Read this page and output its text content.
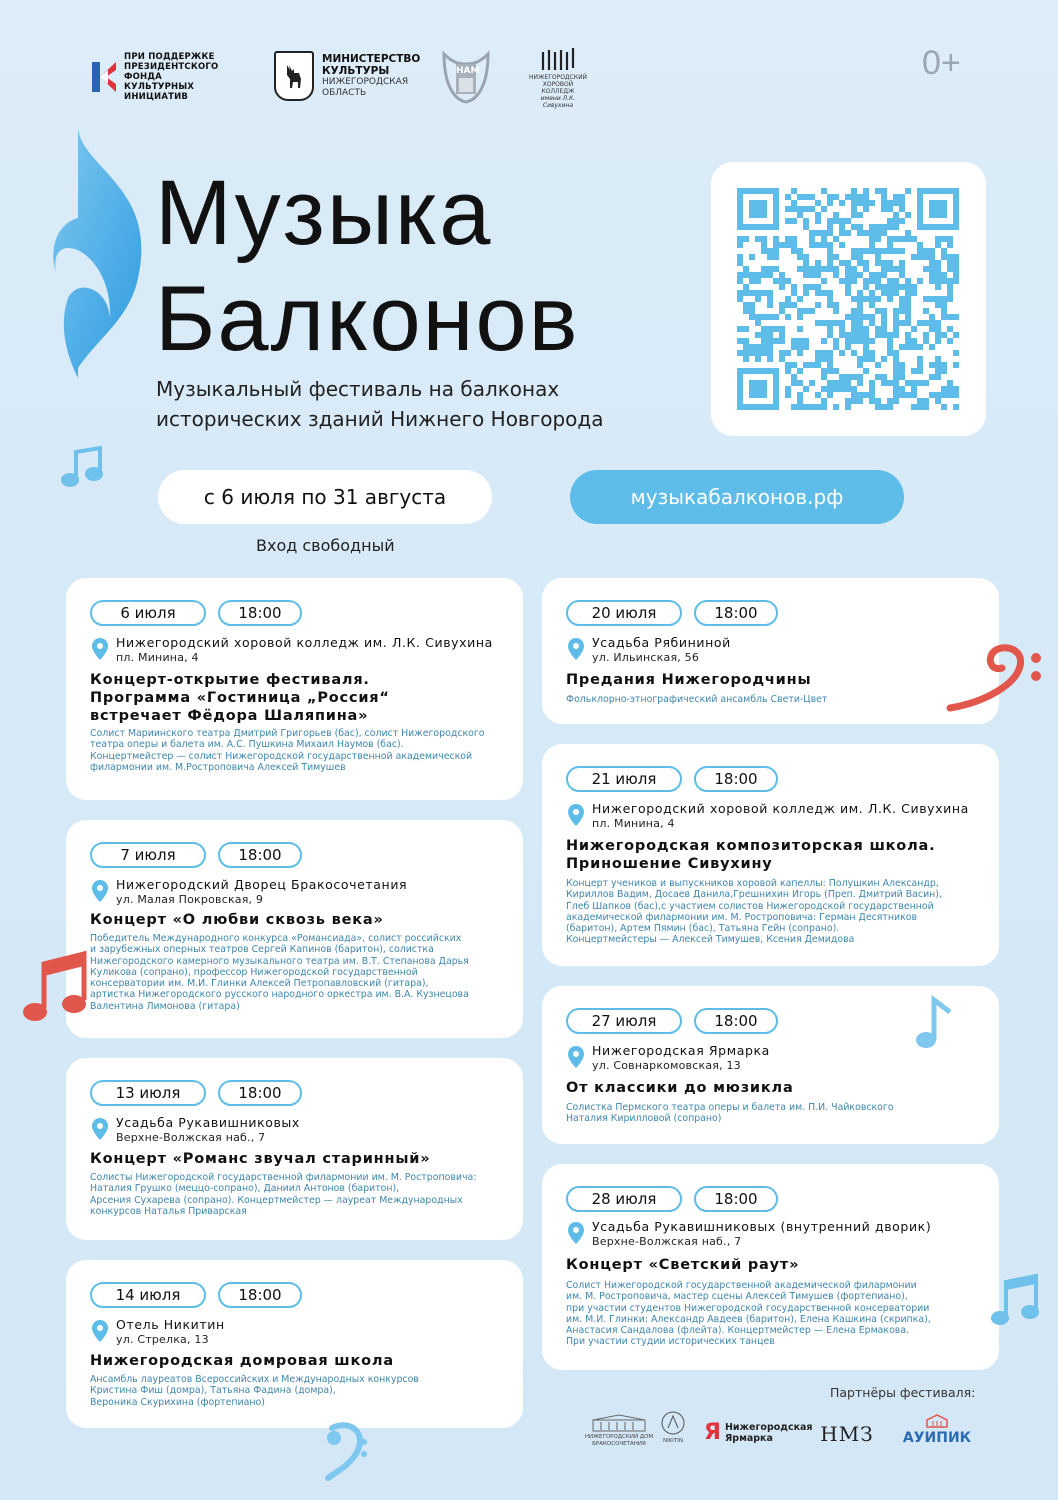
ПРИ ПОДДЕРЖКЕ
ПРЕЗИДЕНТСКОГО ФОНДА
КУЛЬТУРНЫХ ИНИЦИАТИВ
МИНИСТЕРСТВО
КУЛЬТУРЫ
НИЖЕГОРОДСКАЯ
ОБЛАСТЬ
НАМ
НИЖЕГОРОДСКИЙ
ХОРОВОЙ КОЛЛЕДЖ
имени Л.К. Сивухина
0+
Музыка
Балконов
Музыкальный фестиваль на балконах
исторических зданий Нижнего Новгорода
с 6 июля по 31 августа	музыкабалконов.рф
Вход свободный
6 июля	18:00
Нижегородский хоровой колледж им. Л.К. Сивухина
пл. Минина, 4
Концерт-открытие фестиваля.
Программа «Гостиница „Россия“
встречает Фёдора Шаляпина»
Солист Мариинского театра Дмитрий Григорьев (бас), солист Нижегородского
театра оперы и балета им. А.С. Пушкина Михаил Наумов (бас).
Концертмейстер — солист Нижегородской государственной академической
филармонии им. М.Ростроповича Алексей Тимушев
7 июля	18:00
Нижегородский Дворец Бракосочетания
ул. Малая Покровская, 9
Концерт «О любви сквозь века»
Победитель Международного конкурса «Романсиада», солист российских
и зарубежных оперных театров Сергей Капинов (баритон), солистка
Нижегородского камерного музыкального театра им. В.Т. Степанова Дарья
Куликова (сопрано), профессор Нижегородской государственной
консерватории им. М.И. Глинки Алексей Петропавловский (гитара),
артистка Нижегородского русского народного оркестра им. В.А. Кузнецова
Валентина Лимонова (гитара)
13 июля	18:00
Усадьба Рукавишниковых
Верхне-Волжская наб., 7
Концерт «Романс звучал старинный»
Солисты Нижегородской государственной филармонии им. М. Ростроповича:
Наталия Грушко (меццо-сопрано), Даниил Антонов (баритон),
Арсения Сухарева (сопрано). Концертмейстер — лауреат Международных
конкурсов Наталья Приварская
14 июля	18:00
Отель Никитин
ул. Стрелка, 13
Нижегородская домровая школа
Ансамбль лауреатов Всероссийских и Международных конкурсов
Кристина Фиш (домра), Татьяна Фадина (домра),
Вероника Скурихина (фортепиано)
20 июля	18:00
Усадьба Рябининой
ул. Ильинская, 56
Предания Нижегородчины
Фольклорно-этнографический ансамбль Свети-Цвет
21 июля	18:00
Нижегородский хоровой колледж им. Л.К. Сивухина
пл. Минина, 4
Нижегородская композиторская школа.
Приношение Сивухину
Концерт учеников и выпускников хоровой капеллы: Полушкин Александр,
Кириллов Вадим, Досаев Данила,Грешнихин Игорь (Преп. Дмитрий Васин),
Глеб Шапков (бас),с участием солистов Нижегородской государственной
академической филармонии им. М. Ростроповича: Герман Десятников
(баритон), Артем Пямин (бас), Татьяна Гейн (сопрано).
Концертмейстеры — Алексей Тимушев, Ксения Демидова
27 июля	18:00
Нижегородская Ярмарка
ул. Совнаркомовская, 13
От классики до мюзикла
Солистка Пермского театра оперы и балета им. П.И. Чайковского
Наталия Кирилловой (сопрано)
28 июля	18:00
Усадьба Рукавишниковых (внутренний дворик)
Верхне-Волжская наб., 7
Концерт «Светский раут»
Солист Нижегородской государственной академической филармонии
им. М. Ростроповича, мастер сцены Алексей Тимушев (фортепиано),
при участии студентов Нижегородской государственной консерватории
им. М.И. Глинки: Александр Авдеев (баритон), Елена Кашкина (скрипка),
Анастасия Сандалова (флейта). Концертмейстер — Елена Ермакова.
При участии студии исторических танцев
Партнёры фестиваля:
НИЖЕГОРОДСКИЙ ДОМ БРАКОСОЧЕТАНИЯ	NIKITIN Я Нижегородская Ярмарка	НМЗ	АУИПИК
